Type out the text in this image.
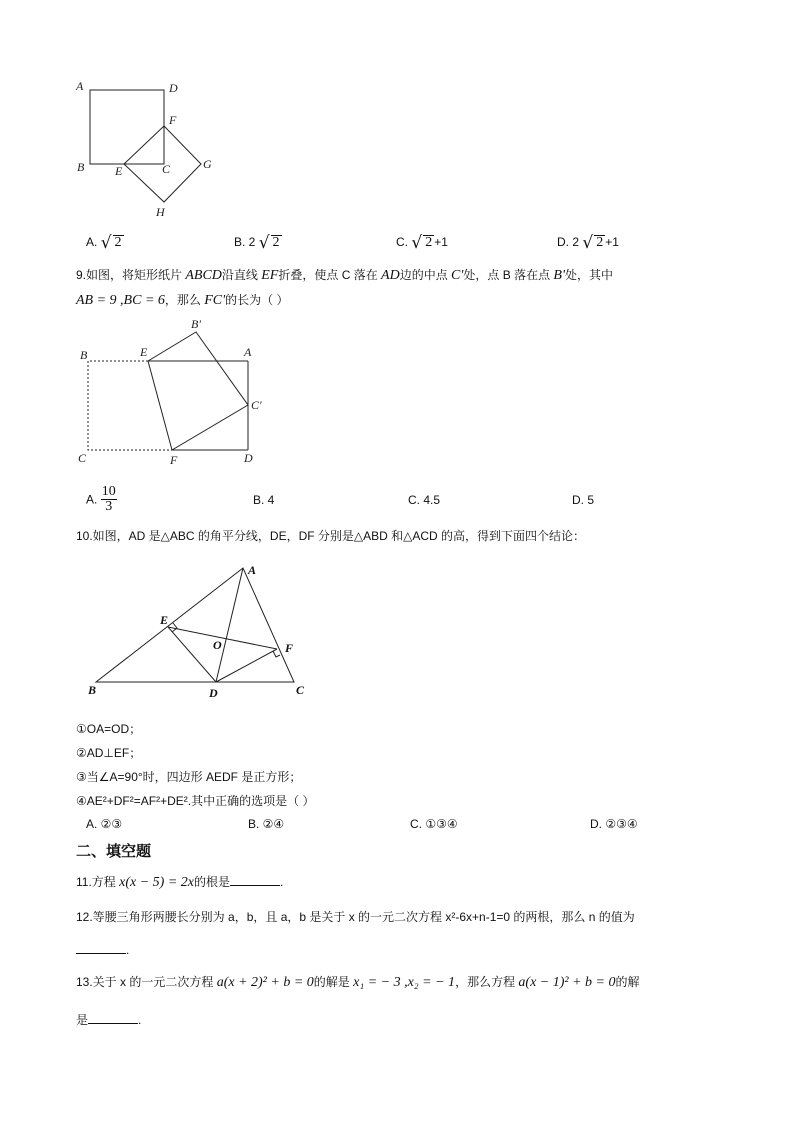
A	D
F
B	E	C	G
H
A. √ 2	B. 2 √ 2	C. √ 2 +1	D. 2 √ 2 +1
9.如图，将矩形纸片 ABCD沿直线 EF折叠，使点 C 落在 AD边的中点 C'处，点 B 落在点 B'处，其中
AB = 9 ,BC = 6，那么 FC'的长为（ ）
B	E
B′
A
C′
C	F	D
A. $\frac{10}{3}$	B. 4	C. 4.5	D. 5
10.如图，AD 是△ABC 的角平分线，DE，DF 分别是△ABD 和△ACD 的高，得到下面四个结论：
A
E
O	F
B	D	C
①OA=OD；
②AD⊥EF；
③当∠A=90°时，四边形 AEDF 是正方形；
④AE²+DF²=AF²+DE².其中正确的选项是（ ）
A. ②③	B. ②④	C. ①③④	D. ②③④
二、填空题
11.方程 x(x − 5) = 2x的根是	.
12.等腰三角形两腰长分别为 a，b，且 a，b 是关于 x 的一元二次方程 x²-6x+n-1=0 的两根，那么 n 的值为
.
13.关于 x 的一元二次方程 a(x + 2)² + b = 0的解是 x₁ = − 3 ,x₂ = − 1，那么方程 a(x − 1)² + b = 0的解
是	.
